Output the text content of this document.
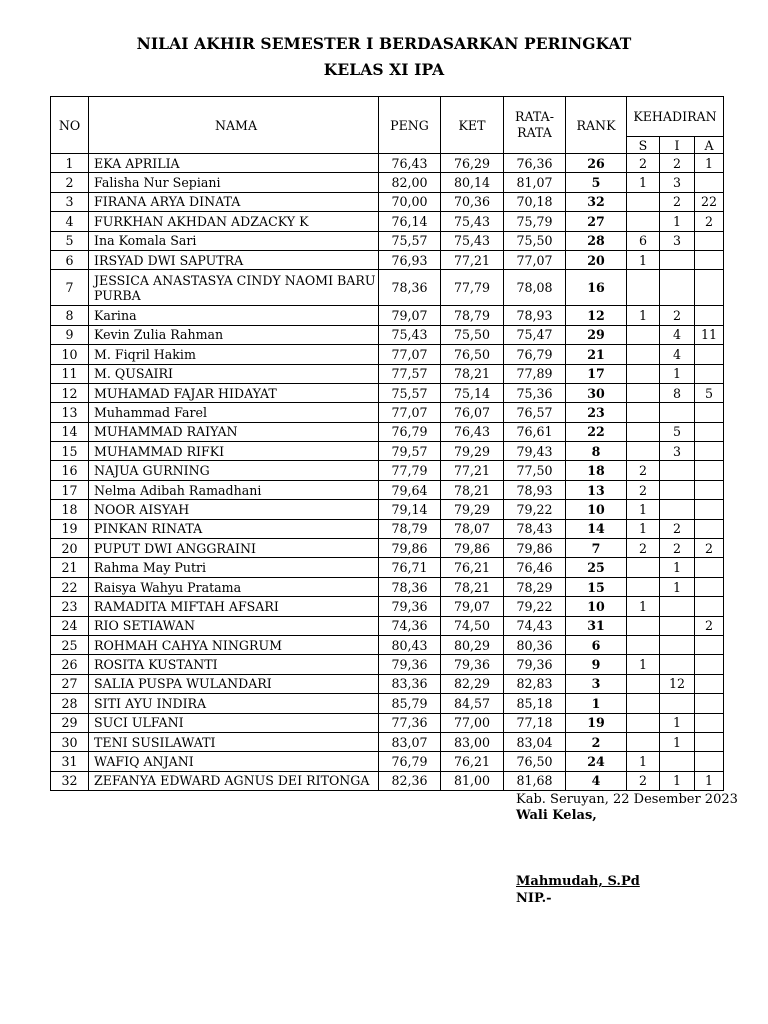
NILAI AKHIR SEMESTER I BERDASARKAN PERINGKAT
KELAS XI IPA
NO	NAMA	PENG	KET	RATA-
RATA	RANK	KEHADIRAN		
						S	I	A
1	EKA APRILIA	76,43	76,29	76,36	26	2	2	1
2	Falisha Nur Sepiani	82,00	80,14	81,07	5	1	3	
3	FIRANA ARYA DINATA	70,00	70,36	70,18	32		2	22
4	FURKHAN AKHDAN ADZACKY K	76,14	75,43	75,79	27		1	2
5	Ina Komala Sari	75,57	75,43	75,50	28	6	3	
6	IRSYAD DWI SAPUTRA	76,93	77,21	77,07	20	1		
7	JESSICA ANASTASYA CINDY NAOMI BARU PURBA	78,36	77,79	78,08	16			
8	Karina	79,07	78,79	78,93	12	1	2	
9	Kevin Zulia Rahman	75,43	75,50	75,47	29		4	11
10	M. Fiqril Hakim	77,07	76,50	76,79	21		4	
11	M. QUSAIRI	77,57	78,21	77,89	17		1	
12	MUHAMAD FAJAR HIDAYAT	75,57	75,14	75,36	30		8	5
13	Muhammad Farel	77,07	76,07	76,57	23			
14	MUHAMMAD RAIYAN	76,79	76,43	76,61	22		5	
15	MUHAMMAD RIFKI	79,57	79,29	79,43	8		3	
16	NAJUA GURNING	77,79	77,21	77,50	18	2		
17	Nelma Adibah Ramadhani	79,64	78,21	78,93	13	2		
18	NOOR AISYAH	79,14	79,29	79,22	10	1		
19	PINKAN RINATA	78,79	78,07	78,43	14	1	2	
20	PUPUT DWI ANGGRAINI	79,86	79,86	79,86	7	2	2	2
21	Rahma May Putri	76,71	76,21	76,46	25		1	
22	Raisya Wahyu Pratama	78,36	78,21	78,29	15		1	
23	RAMADITA MIFTAH AFSARI	79,36	79,07	79,22	10	1		
24	RIO SETIAWAN	74,36	74,50	74,43	31			2
25	ROHMAH CAHYA NINGRUM	80,43	80,29	80,36	6			
26	ROSITA KUSTANTI	79,36	79,36	79,36	9	1		
27	SALIA PUSPA WULANDARI	83,36	82,29	82,83	3		12	
28	SITI AYU INDIRA	85,79	84,57	85,18	1			
29	SUCI ULFANI	77,36	77,00	77,18	19		1	
30	TENI SUSILAWATI	83,07	83,00	83,04	2		1	
31	WAFIQ ANJANI	76,79	76,21	76,50	24	1		
32	ZEFANYA EDWARD AGNUS DEI RITONGA	82,36	81,00	81,68	4	2	1	1
Kab. Seruyan, 22 Desember 2023
Wali Kelas,
Mahmudah, S.Pd
NIP.-
